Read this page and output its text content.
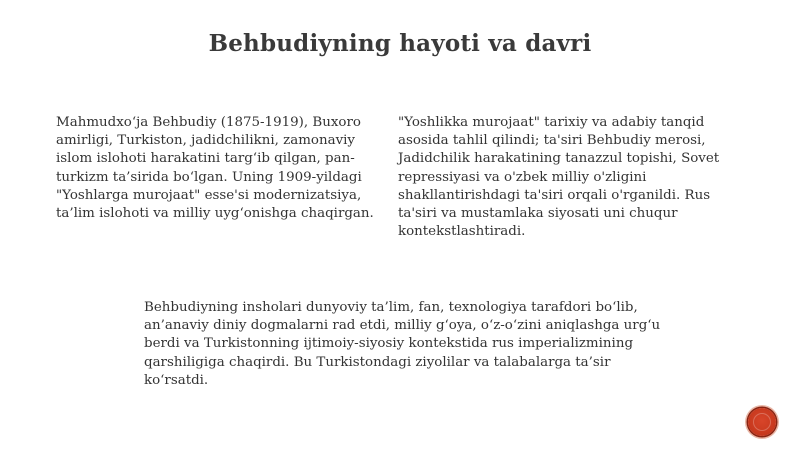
Behbudiyning hayoti va davri

Mahmudxo‘ja Behbudiy (1875-1919), Buxoro amirligi, Turkiston, jadidchilikni, zamonaviy islom islohoti harakatini targ‘ib qilgan, pan-turkizm ta’sirida bo‘lgan. Uning 1909-yildagi "Yoshlarga murojaat" esse'si modernizatsiya, ta’lim islohoti va milliy uyg‘onishga chaqirgan.

"Yoshlikka murojaat" tarixiy va adabiy tanqid asosida tahlil qilindi; ta'siri Behbudiy merosi, Jadidchilik harakatining tanazzul topishi, Sovet repressiyasi va o'zbek milliy o'zligini shakllantirishdagi ta'siri orqali o'rganildi. Rus ta'siri va mustamlaka siyosati uni chuqur kontekstlashtiradi.

Behbudiyning insholari dunyoviy ta’lim, fan, texnologiya tarafdori bo‘lib, an’anaviy diniy dogmalarni rad etdi, milliy g‘oya, o‘z-o‘zini aniqlashga urg‘u berdi va Turkistonning ijtimoiy-siyosiy kontekstida rus imperializmining qarshiligiga chaqirdi. Bu Turkistondagi ziyolilar va talabalarga ta’sir ko‘rsatdi.
